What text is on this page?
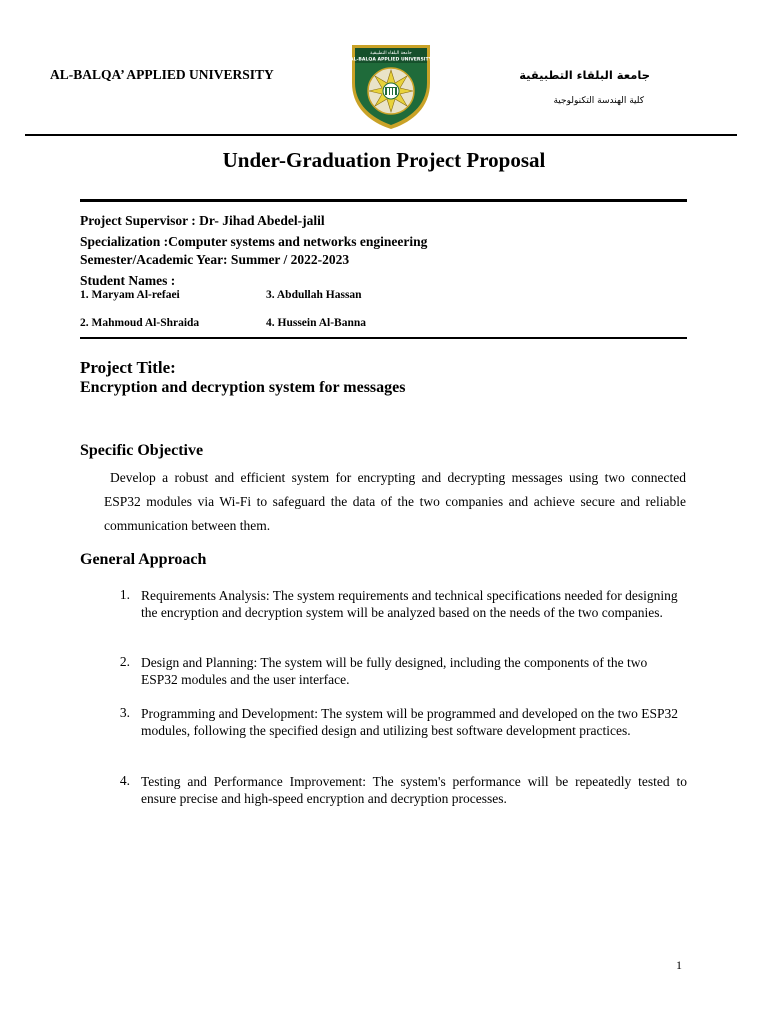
AL-BALQA’ APPLIED UNIVERSITY
جامعة البلقاء التطبيقية
AL-BALQA APPLIED UNIVERSITY
جامعة البلقاء التطبيقية
كلية الهندسة التكنولوجية
Under-Graduation Project Proposal
Project Supervisor : Dr- Jihad Abedel-jalil
Specialization :Computer systems and networks engineering
Semester/Academic Year: Summer / 2022-2023
Student Names :
1. Maryam Al-refaei	3. Abdullah Hassan
2. Mahmoud Al-Shraida	4. Hussein Al-Banna
Project Title:
Encryption and decryption system for messages
Specific Objective
Develop a robust and efficient system for encrypting and decrypting messages using two connected ESP32 modules via Wi-Fi to safeguard the data of the two companies and achieve secure and reliable communication between them.
General Approach
1. Requirements Analysis: The system requirements and technical specifications needed for designing the encryption and decryption system will be analyzed based on the needs of the two companies.
2. Design and Planning: The system will be fully designed, including the components of the two ESP32 modules and the user interface.
3. Programming and Development: The system will be programmed and developed on the two ESP32 modules, following the specified design and utilizing best software development practices.
4. Testing and Performance Improvement: The system's performance will be repeatedly tested to ensure precise and high-speed encryption and decryption processes.
1
